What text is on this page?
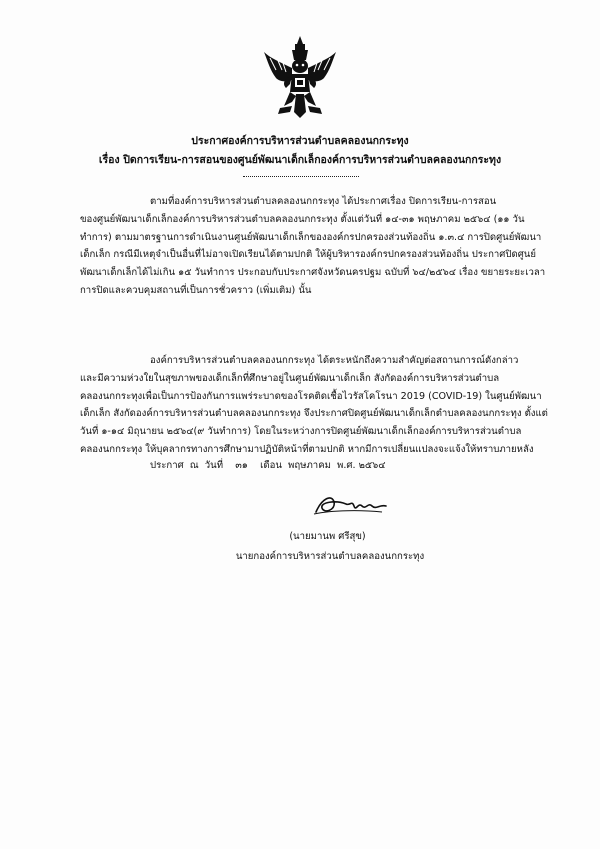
ประกาศองค์การบริหารส่วนตำบลคลองนกกระทุง
เรื่อง ปิดการเรียน-การสอนของศูนย์พัฒนาเด็กเล็กองค์การบริหารส่วนตำบลคลองนกกระทุง

ตามที่องค์การบริหารส่วนตำบลคลองนกกระทุง ได้ประกาศเรื่อง ปิดการเรียน-การสอน

ของศูนย์พัฒนาเด็กเล็กองค์การบริหารส่วนตำบลคลองนกกระทุง ตั้งแต่วันที่ ๑๔-๓๑ พฤษภาคม ๒๕๖๔ (๑๑ วัน

ทำการ) ตามมาตรฐานการดำเนินงานศูนย์พัฒนาเด็กเล็กขององค์กรปกครองส่วนท้องถิ่น ๑.๓.๔ การปิดศูนย์พัฒนา

เด็กเล็ก กรณีมีเหตุจำเป็นอื่นที่ไม่อาจเปิดเรียนได้ตามปกติ ให้ผู้บริหารองค์กรปกครองส่วนท้องถิ่น ประกาศปิดศูนย์

พัฒนาเด็กเล็กได้ไม่เกิน ๑๕ วันทำการ ประกอบกับประกาศจังหวัดนครปฐม ฉบับที่ ๖๔/๒๕๖๔ เรื่อง ขยายระยะเวลา

การปิดและควบคุมสถานที่เป็นการชั่วคราว (เพิ่มเติม) นั้น

องค์การบริหารส่วนตำบลคลองนกกระทุง ได้ตระหนักถึงความสำคัญต่อสถานการณ์ดังกล่าว

และมีความห่วงใยในสุขภาพของเด็กเล็กที่ศึกษาอยู่ในศูนย์พัฒนาเด็กเล็ก สังกัดองค์การบริหารส่วนตำบล

คลองนกกระทุงเพื่อเป็นการป้องกันการแพร่ระบาดของโรคติดเชื้อไวรัสโคโรนา 2019 (COVID-19) ในศูนย์พัฒนา

เด็กเล็ก สังกัดองค์การบริหารส่วนตำบลคลองนกกระทุง จึงประกาศปิดศูนย์พัฒนาเด็กเล็กตำบลคลองนกกระทุง ตั้งแต่

วันที่ ๑-๑๔ มิถุนายน ๒๕๖๔(๙ วันทำการ) โดยในระหว่างการปิดศูนย์พัฒนาเด็กเล็กองค์การบริหารส่วนตำบล

คลองนกกระทุง ให้บุคลากรทางการศึกษามาปฏิบัติหน้าที่ตามปกติ หากมีการเปลี่ยนแปลงจะแจ้งให้ทราบภายหลัง

ประกาศ  ณ  วันที่    ๓๑    เดือน  พฤษภาคม  พ.ศ. ๒๕๖๔
(นายมานพ ศรีสุข)
นายกองค์การบริหารส่วนตำบลคลองนกกระทุง
